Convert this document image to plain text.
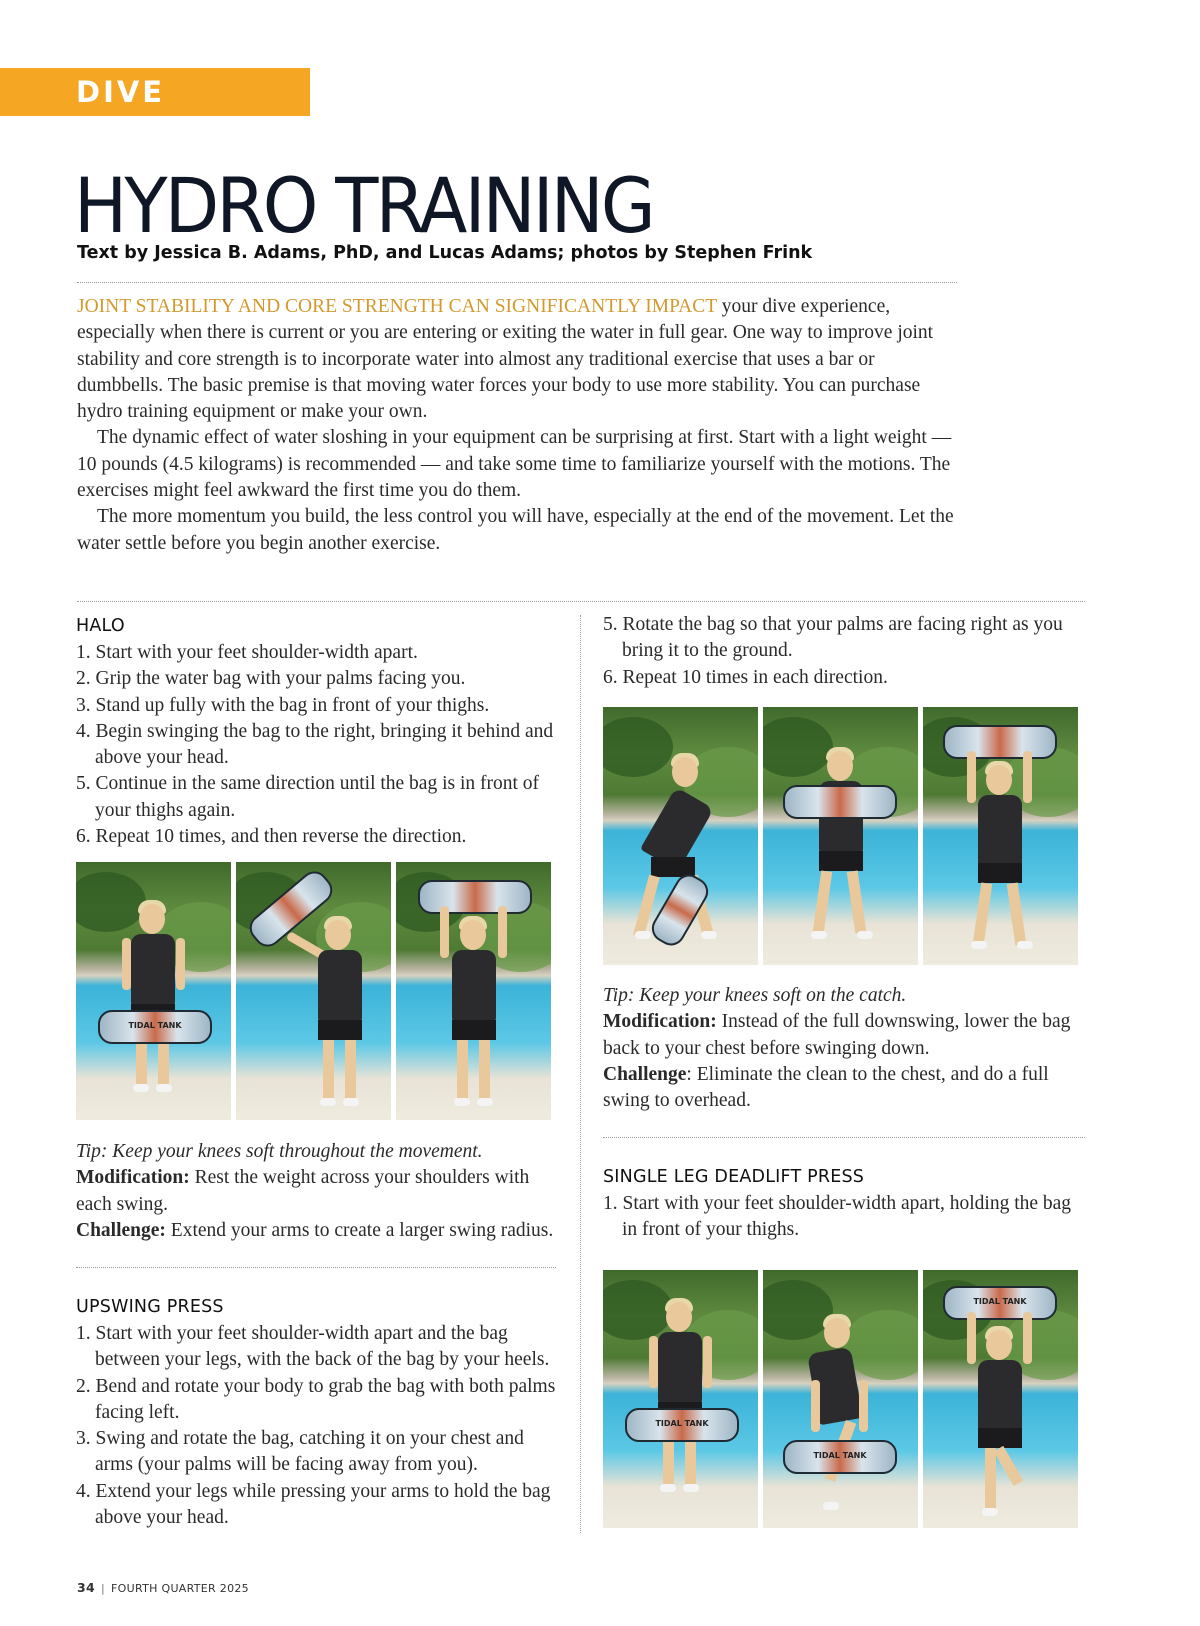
DIVE FITNESS
HYDRO TRAINING
Text by Jessica B. Adams, PhD, and Lucas Adams; photos by Stephen Frink

JOINT STABILITY AND CORE STRENGTH CAN SIGNIFICANTLY IMPACT your dive experience, especially when there is current or you are entering or exiting the water in full gear. One way to improve joint stability and core strength is to incorporate water into almost any traditional exercise that uses a bar or dumbbells. The basic premise is that moving water forces your body to use more stability. You can purchase hydro training equipment or make your own.

The dynamic effect of water sloshing in your equipment can be surprising at first. Start with a light weight — 10 pounds (4.5 kilograms) is recommended — and take some time to familiarize yourself with the motions. The exercises might feel awkward the first time you do them.

The more momentum you build, the less control you will have, especially at the end of the movement. Let the water settle before you begin another exercise.

HALO
1. Start with your feet shoulder-width apart.
2. Grip the water bag with your palms facing you.
3. Stand up fully with the bag in front of your thighs.
4. Begin swinging the bag to the right, bringing it behind and above your head.
5. Continue in the same direction until the bag is in front of your thighs again.
6. Repeat 10 times, and then reverse the direction.
TIDAL TANK
Tip: Keep your knees soft throughout the movement.
Modification: Rest the weight across your shoulders with each swing.
Challenge: Extend your arms to create a larger swing radius.
UPSWING PRESS
1. Start with your feet shoulder-width apart and the bag between your legs, with the back of the bag by your heels.
2. Bend and rotate your body to grab the bag with both palms facing left.
3. Swing and rotate the bag, catching it on your chest and arms (your palms will be facing away from you).
4. Extend your legs while pressing your arms to hold the bag above your head.
5. Rotate the bag so that your palms are facing right as you bring it to the ground.
6. Repeat 10 times in each direction.
Tip: Keep your knees soft on the catch.
Modification: Instead of the full downswing, lower the bag back to your chest before swinging down.
Challenge: Eliminate the clean to the chest, and do a full swing to overhead.
SINGLE LEG DEADLIFT PRESS
1. Start with your feet shoulder-width apart, holding the bag in front of your thighs.
TIDAL TANK
TIDAL TANK
TIDAL TANK
34 | FOURTH QUARTER 2025
